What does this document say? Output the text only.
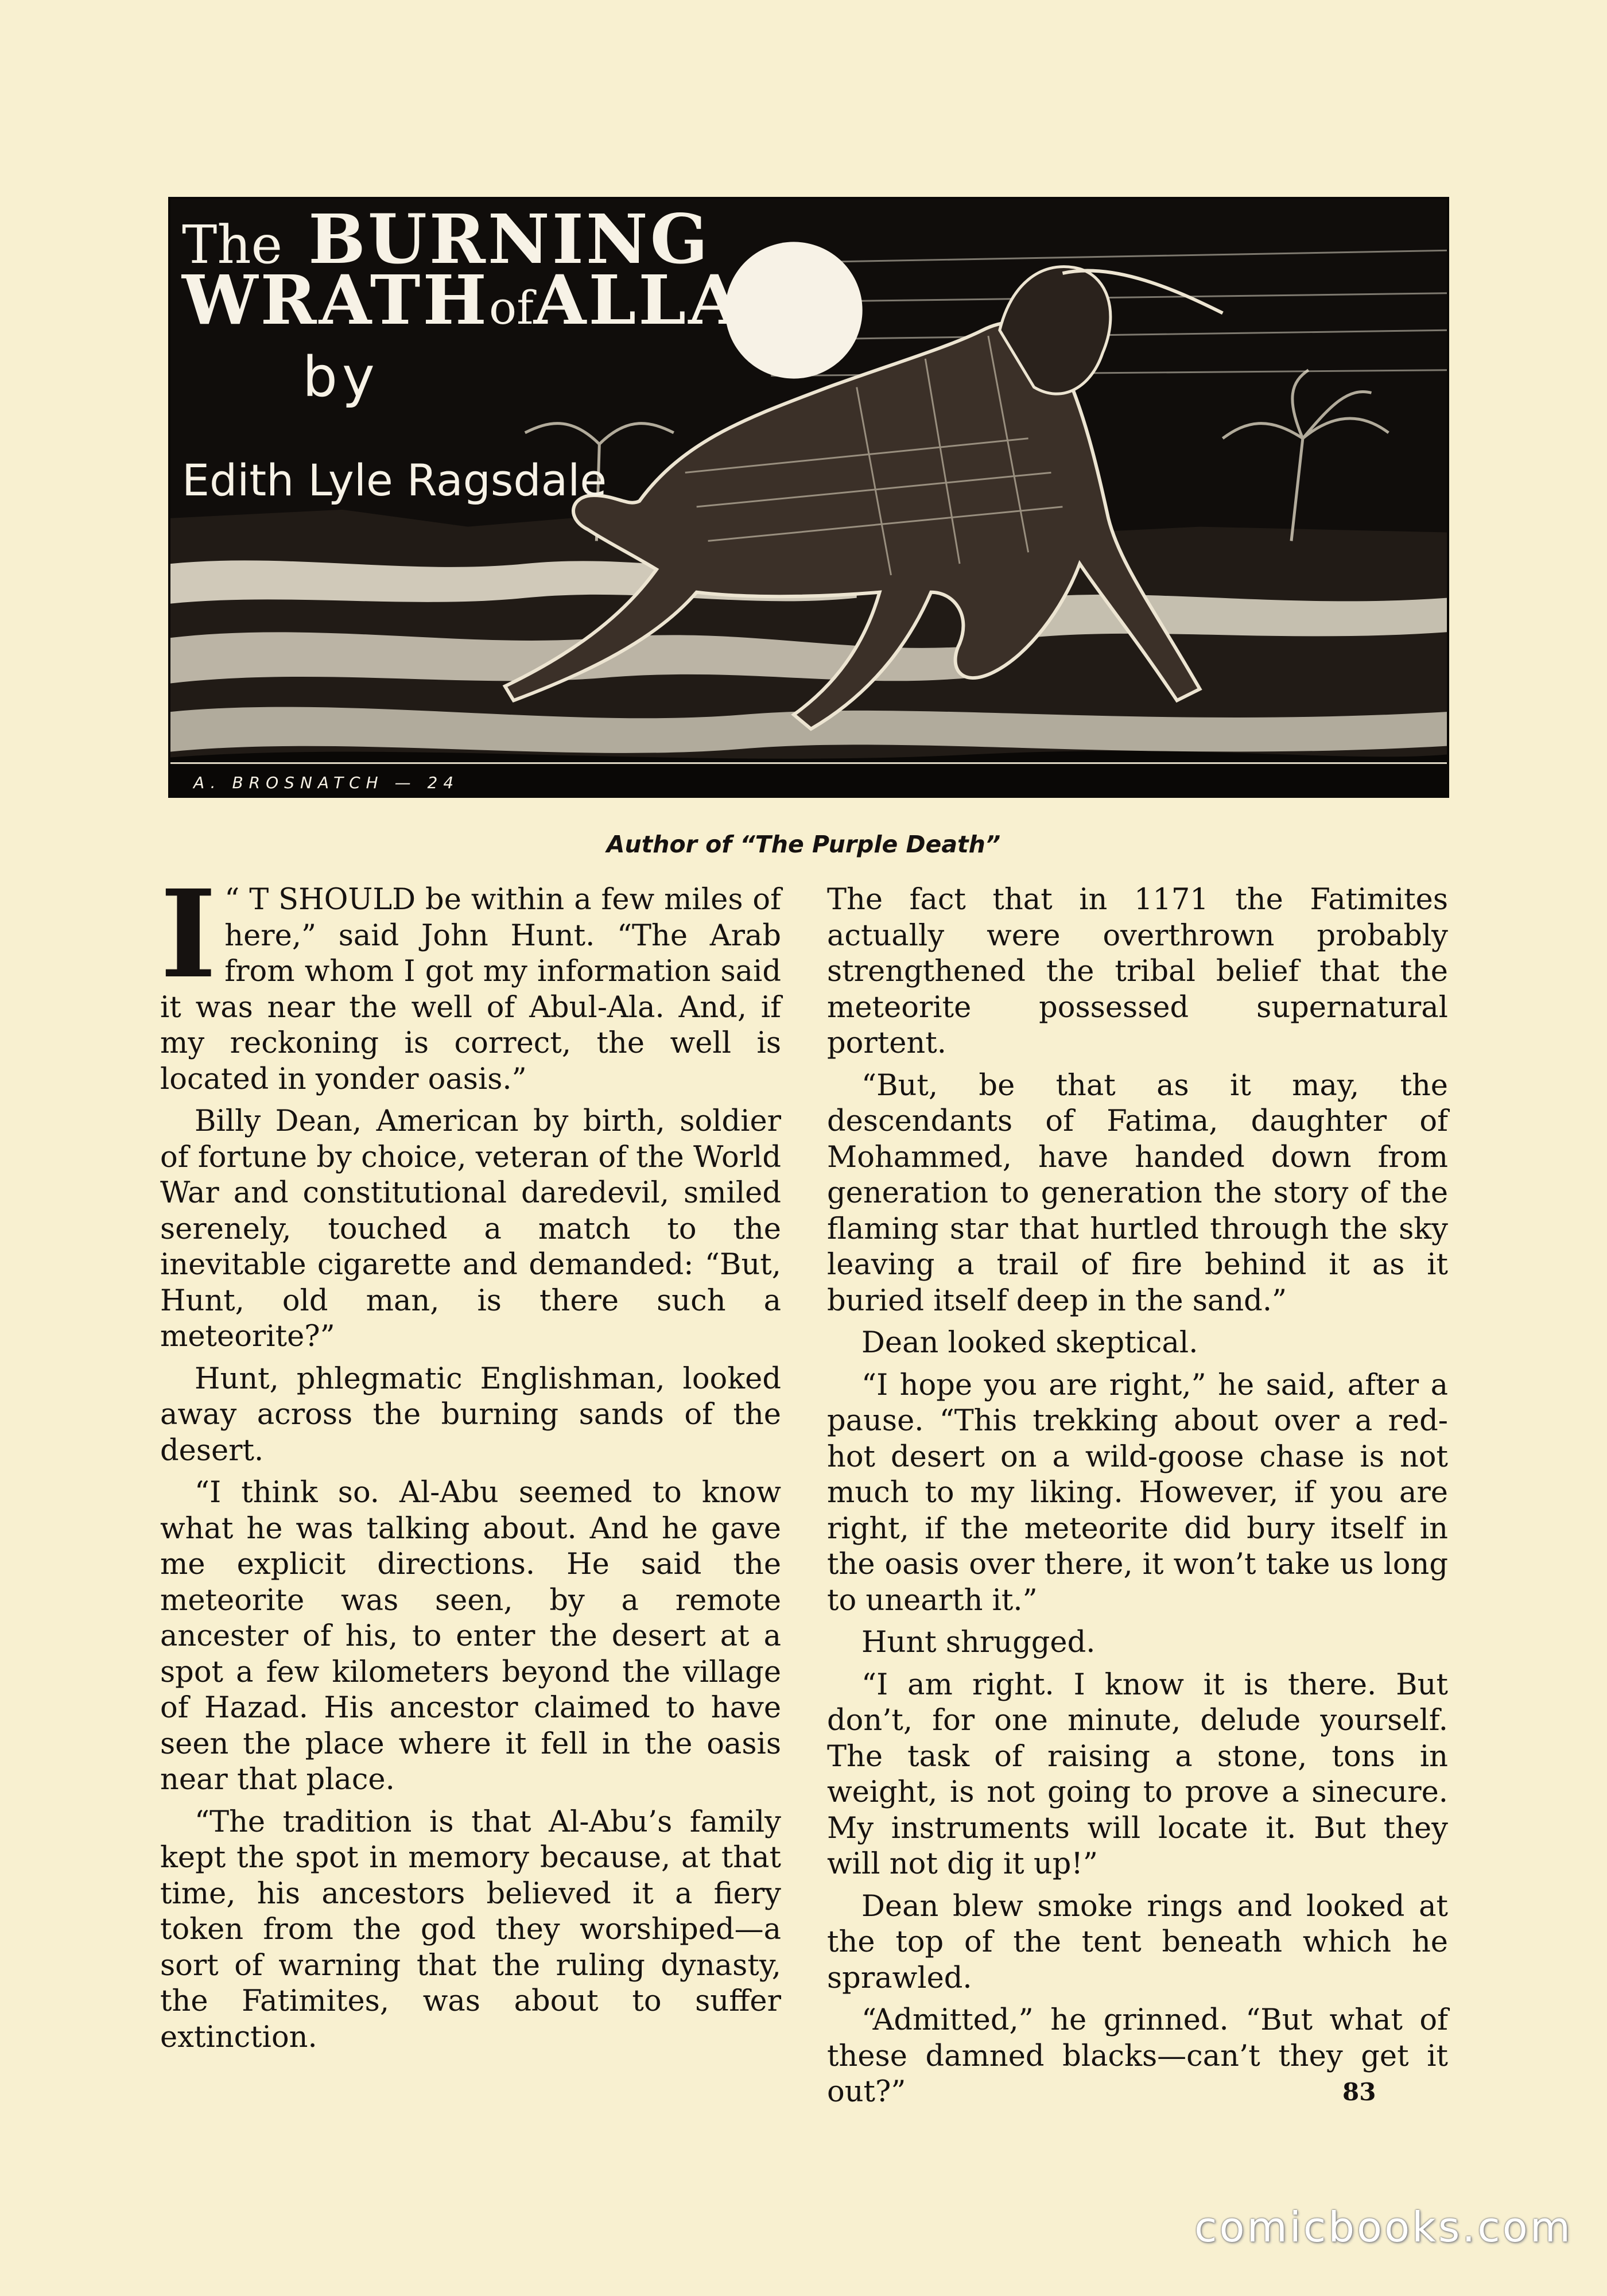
The BURNING
WRATHofALLAH
by
Edith Lyle Ragsdale
A. BROSNATCH — 24
Author of “The Purple Death”

I “ T SHOULD be within a few miles of here,” said John Hunt. “The Arab from whom I got my information said it was near the well of Abul-Ala. And, if my reckoning is correct, the well is located in yonder oasis.”

Billy Dean, American by birth, soldier of fortune by choice, veteran of the World War and constitutional daredevil, smiled serenely, touched a match to the inevitable cigarette and demanded: “But, Hunt, old man, is there such a meteorite?”

Hunt, phlegmatic Englishman, looked away across the burning sands of the desert.

“I think so. Al-Abu seemed to know what he was talking about. And he gave me explicit directions. He said the meteorite was seen, by a remote ancester of his, to enter the desert at a spot a few kilometers beyond the village of Hazad. His ancestor claimed to have seen the place where it fell in the oasis near that place.

“The tradition is that Al-Abu’s family kept the spot in memory because, at that time, his ancestors believed it a fiery token from the god they worshiped—a sort of warning that the ruling dynasty, the Fatimites, was about to suffer extinction.

The fact that in 1171 the Fatimites actually were overthrown probably strengthened the tribal belief that the meteorite possessed supernatural portent.

“But, be that as it may, the descendants of Fatima, daughter of Mohammed, have handed down from generation to generation the story of the flaming star that hurtled through the sky leaving a trail of fire behind it as it buried itself deep in the sand.”

Dean looked skeptical.

“I hope you are right,” he said, after a pause. “This trekking about over a red-hot desert on a wild-goose chase is not much to my liking. However, if you are right, if the meteorite did bury itself in the oasis over there, it won’t take us long to unearth it.”

Hunt shrugged.

“I am right. I know it is there. But don’t, for one minute, delude yourself. The task of raising a stone, tons in weight, is not going to prove a sinecure. My instruments will locate it. But they will not dig it up!”

Dean blew smoke rings and looked at the top of the tent beneath which he sprawled.

“Admitted,” he grinned. “But what of these damned blacks—can’t they get it out?”	83
comicbooks.com
